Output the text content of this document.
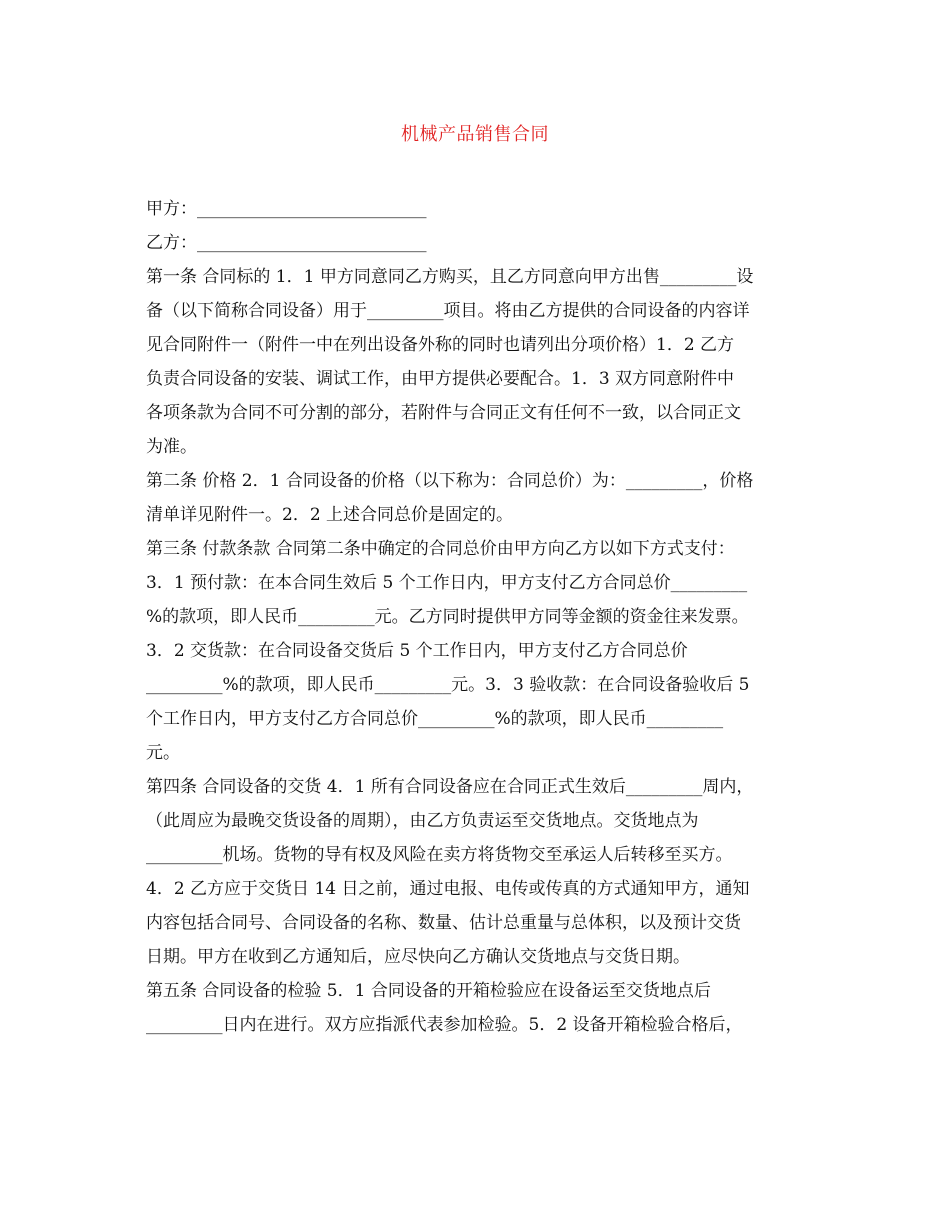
机械产品销售合同
甲方：___________________________
乙方：___________________________
第一条 合同标的 1．1 甲方同意同乙方购买，且乙方同意向甲方出售_________设
备（以下简称合同设备）用于_________项目。将由乙方提供的合同设备的内容详
见合同附件一（附件一中在列出设备外称的同时也请列出分项价格）1．2 乙方
负责合同设备的安装、调试工作，由甲方提供必要配合。1．3 双方同意附件中
各项条款为合同不可分割的部分，若附件与合同正文有任何不一致，以合同正文
为准。
第二条 价格 2．1 合同设备的价格（以下称为：合同总价）为：_________，价格
清单详见附件一。2．2 上述合同总价是固定的。
第三条 付款条款 合同第二条中确定的合同总价由甲方向乙方以如下方式支付：
3．1 预付款：在本合同生效后 5 个工作日内，甲方支付乙方合同总价_________
%的款项，即人民币_________元。乙方同时提供甲方同等金额的资金往来发票。
3．2 交货款：在合同设备交货后 5 个工作日内，甲方支付乙方合同总价
_________%的款项，即人民币_________元。3．3 验收款：在合同设备验收后 5
个工作日内，甲方支付乙方合同总价_________%的款项，即人民币_________
元。
第四条 合同设备的交货 4．1 所有合同设备应在合同正式生效后_________周内，
（此周应为最晚交货设备的周期），由乙方负责运至交货地点。交货地点为
_________机场。货物的导有权及风险在卖方将货物交至承运人后转移至买方。
4．2 乙方应于交货日 14 日之前，通过电报、电传或传真的方式通知甲方，通知
内容包括合同号、合同设备的名称、数量、估计总重量与总体积，以及预计交货
日期。甲方在收到乙方通知后，应尽快向乙方确认交货地点与交货日期。
第五条 合同设备的检验 5．1 合同设备的开箱检验应在设备运至交货地点后
_________日内在进行。双方应指派代表参加检验。5．2 设备开箱检验合格后，
